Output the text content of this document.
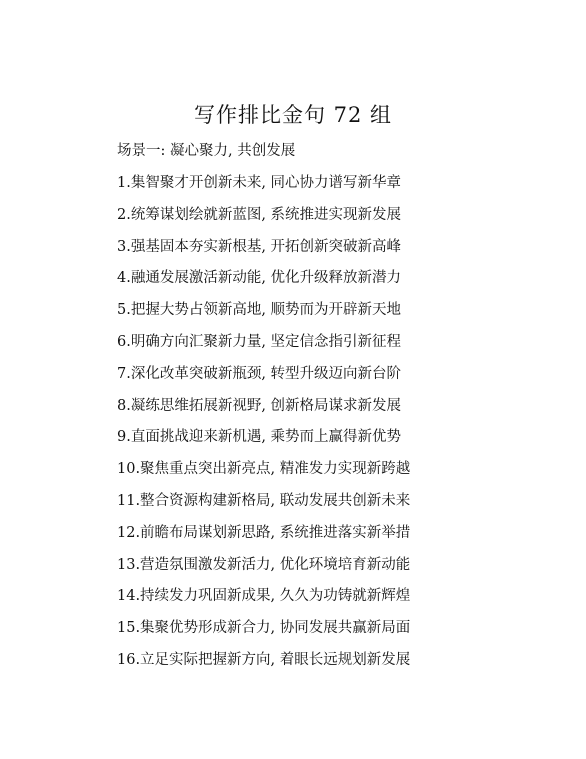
写作排比金句 72 组
场景一: 凝心聚力, 共创发展
1.集智聚才开创新未来, 同心协力谱写新华章
2.统筹谋划绘就新蓝图, 系统推进实现新发展
3.强基固本夯实新根基, 开拓创新突破新高峰
4.融通发展激活新动能, 优化升级释放新潜力
5.把握大势占领新高地, 顺势而为开辟新天地
6.明确方向汇聚新力量, 坚定信念指引新征程
7.深化改革突破新瓶颈, 转型升级迈向新台阶
8.凝练思维拓展新视野, 创新格局谋求新发展
9.直面挑战迎来新机遇, 乘势而上赢得新优势
10.聚焦重点突出新亮点, 精准发力实现新跨越
11.整合资源构建新格局, 联动发展共创新未来
12.前瞻布局谋划新思路, 系统推进落实新举措
13.营造氛围激发新活力, 优化环境培育新动能
14.持续发力巩固新成果, 久久为功铸就新辉煌
15.集聚优势形成新合力, 协同发展共赢新局面
16.立足实际把握新方向, 着眼长远规划新发展
